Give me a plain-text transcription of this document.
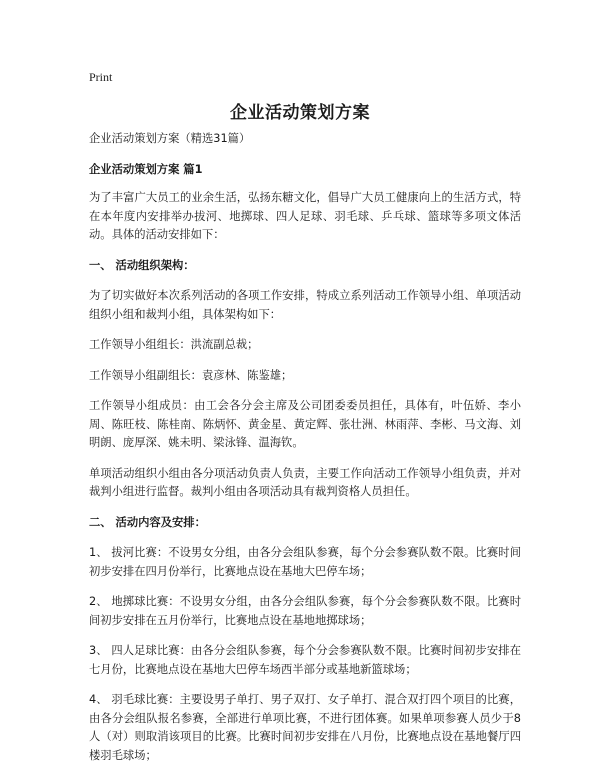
Print
企业活动策划方案

企业活动策划方案（精选31篇）

企业活动策划方案 篇1

为了丰富广大员工的业余生活，弘扬东糖文化，倡导广大员工健康向上的生活方式，特在本年度内安排举办拔河、地掷球、四人足球、羽毛球、乒乓球、篮球等多项文体活动。具体的活动安排如下：

一、 活动组织架构：

为了切实做好本次系列活动的各项工作安排，特成立系列活动工作领导小组、单项活动组织小组和裁判小组，具体架构如下：

工作领导小组组长：洪流副总裁；

工作领导小组副组长：袁彦林、陈鉴雄；

工作领导小组成员：由工会各分会主席及公司团委委员担任，具体有，叶伍娇、李小周、陈旺枝、陈桂南、陈炳怀、黄金星、黄定辉、张壮洲、林雨萍、李彬、马文海、刘明朗、庞厚深、姚未明、梁泳锋、温海钦。

单项活动组织小组由各分项活动负责人负责，主要工作向活动工作领导小组负责，并对裁判小组进行监督。裁判小组由各项活动具有裁判资格人员担任。

二、 活动内容及安排：

1、 拔河比赛：不设男女分组，由各分会组队参赛，每个分会参赛队数不限。比赛时间初步安排在四月份举行，比赛地点设在基地大巴停车场；

2、 地掷球比赛：不设男女分组，由各分会组队参赛，每个分会参赛队数不限。比赛时间初步安排在五月份举行，比赛地点设在基地地掷球场；

3、 四人足球比赛：由各分会组队参赛，每个分会参赛队数不限。比赛时间初步安排在七月份，比赛地点设在基地大巴停车场西半部分或基地新篮球场；

4、 羽毛球比赛：主要设男子单打、男子双打、女子单打、混合双打四个项目的比赛，由各分会组队报名参赛，全部进行单项比赛，不进行团体赛。如果单项参赛人员少于8人（对）则取消该项目的比赛。比赛时间初步安排在八月份，比赛地点设在基地餐厅四楼羽毛球场；
